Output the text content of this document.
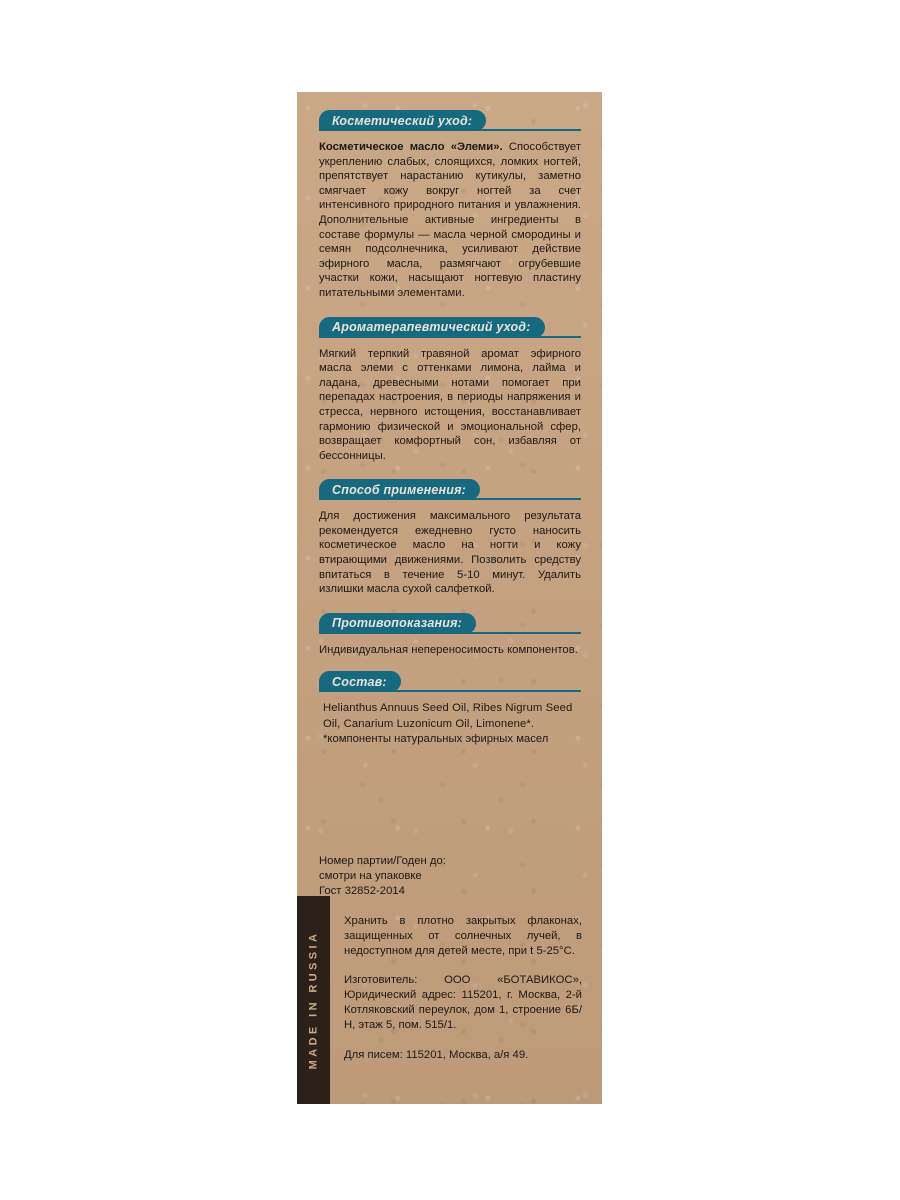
MADE IN RUSSIA
Косметический уход:

Косметическое масло «Элеми». Способствует укреплению слабых, слоящихся, ломких ногтей, препятствует нарастанию кутикулы, заметно смягчает кожу вокруг ногтей за счет интенсивного природного питания и увлажнения. Дополнительные активные ингредиенты в составе формулы — масла черной смородины и семян подсолнечника, усиливают действие эфирного масла, размягчают огрубевшие участки кожи, насыщают ногтевую пластину питательными элементами.

Ароматерапевтический уход:

Мягкий терпкий травяной аромат эфирного масла элеми с оттенками лимона, лайма и ладана, древесными нотами помогает при перепадах настроения, в периоды напряжения и стресса, нервного истощения, восстанавливает гармонию физической и эмоциональной сфер, возвращает комфортный сон, избавляя от бессонницы.

Способ применения:

Для достижения максимального результата рекомендуется ежедневно густо наносить косметическое масло на ногти и кожу втирающими движениями. Позволить средству впитаться в течение 5-10 минут. Удалить излишки масла сухой салфеткой.

Противопоказания:

Индивидуальная непереносимость компонентов.

Состав:

Helianthus Annuus Seed Oil, Ribes Nigrum Seed Oil, Canarium Luzonicum Oil, Limonene*.
*компоненты натуральных эфирных масел

Номер партии/Годен до:
смотри на упаковке
Гост 32852-2014

Хранить в плотно закрытых флаконах, защищенных от солнечных лучей, в недоступном для детей месте, при t 5-25°C.

Изготовитель: ООО «БОТАВИКОС», Юридический адрес: 115201, г. Москва, 2-й Котляковский переулок, дом 1, строение 6Б/Н, этаж 5, пом. 515/1.

Для писем: 115201, Москва, а/я 49.
